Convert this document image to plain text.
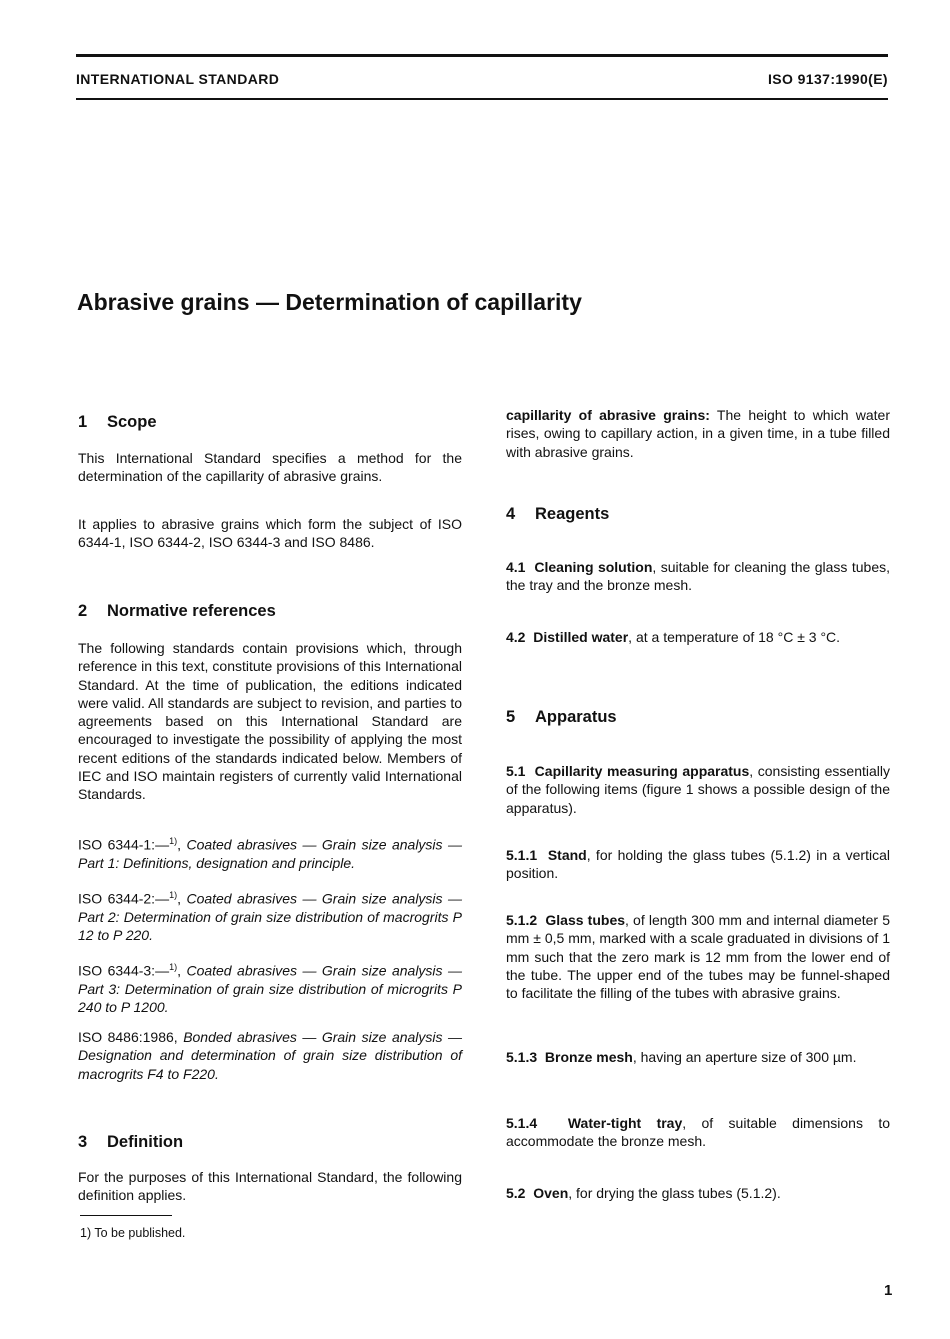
INTERNATIONAL STANDARD	ISO 9137:1990(E)
Abrasive grains — Determination of capillarity
1 Scope

This International Standard specifies a method for the determination of the capillarity of abrasive grains.

It applies to abrasive grains which form the subject of ISO 6344-1, ISO 6344-2, ISO 6344-3 and ISO 8486.

2 Normative references

The following standards contain provisions which, through reference in this text, constitute provisions of this International Standard. At the time of publication, the editions indicated were valid. All standards are subject to revision, and parties to agreements based on this International Standard are encouraged to investigate the possibility of applying the most recent editions of the standards indicated below. Members of IEC and ISO maintain registers of currently valid International Standards.

ISO 6344-1:—$^{1)}$, Coated abrasives — Grain size analysis — Part 1: Definitions, designation and principle.

ISO 6344-2:—$^{1)}$, Coated abrasives — Grain size analysis — Part 2: Determination of grain size distribution of macrogrits P 12 to P 220.

ISO 6344-3:—$^{1)}$, Coated abrasives — Grain size analysis — Part 3: Determination of grain size distribution of microgrits P 240 to P 1200.

ISO 8486:1986, Bonded abrasives — Grain size analysis — Designation and determination of grain size distribution of macrogrits F4 to F220.

3 Definition

For the purposes of this International Standard, the following definition applies.

capillarity of abrasive grains: The height to which water rises, owing to capillary action, in a given time, in a tube filled with abrasive grains.

4 Reagents

4.1 Cleaning solution, suitable for cleaning the glass tubes, the tray and the bronze mesh.

4.2 Distilled water, at a temperature of 18 °C ± 3 °C.

5 Apparatus

5.1 Capillarity measuring apparatus, consisting essentially of the following items (figure 1 shows a possible design of the apparatus).

5.1.1 Stand, for holding the glass tubes (5.1.2) in a vertical position.

5.1.2 Glass tubes, of length 300 mm and internal diameter 5 mm ± 0,5 mm, marked with a scale graduated in divisions of 1 mm such that the zero mark is 12 mm from the lower end of the tube. The upper end of the tubes may be funnel-shaped to facilitate the filling of the tubes with abrasive grains.

5.1.3 Bronze mesh, having an aperture size of 300 µm.

5.1.4 Water-tight tray, of suitable dimensions to accommodate the bronze mesh.

5.2 Oven, for drying the glass tubes (5.1.2).

1) To be published.
1
